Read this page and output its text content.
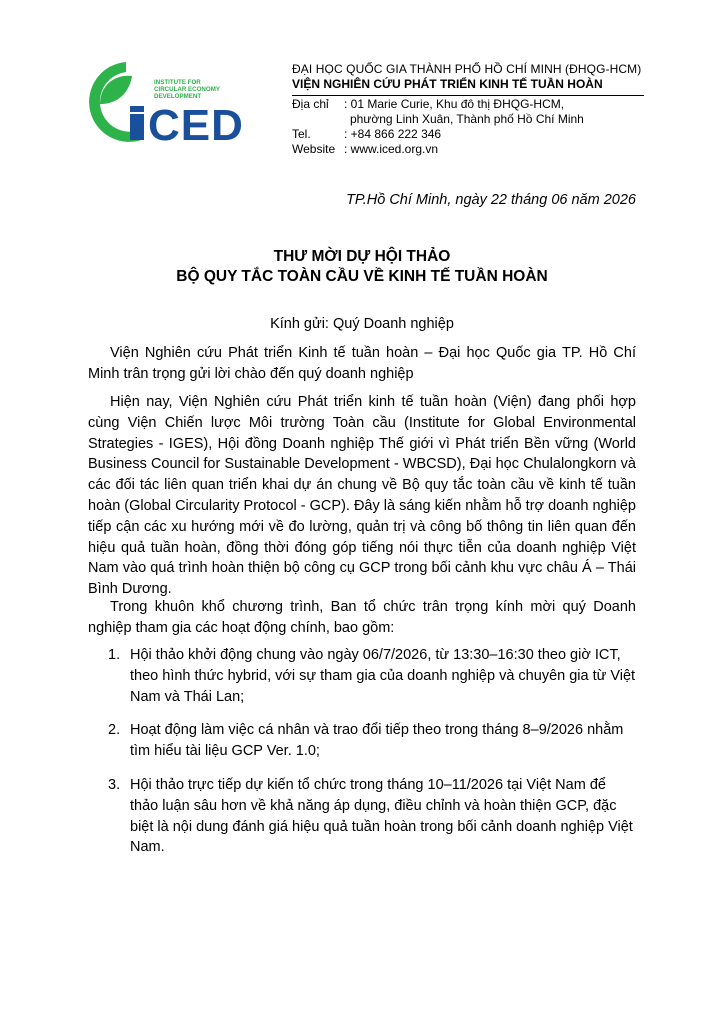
INSTITUTE FOR
CIRCULAR ECONOMY
DEVELOPMENT
CED
ĐẠI HỌC QUỐC GIA THÀNH PHỐ HỒ CHÍ MINH (ĐHQG-HCM)
VIỆN NGHIÊN CỨU PHÁT TRIỂN KINH TẾ TUẦN HOÀN
Địa chỉ	: 01 Marie Curie, Khu đô thị ĐHQG-HCM,
phường Linh Xuân, Thành phố Hồ Chí Minh
Tel.	: +84 866 222 346
Website : www.iced.org.vn
TP.Hồ Chí Minh, ngày 22 tháng 06 năm 2026
THƯ MỜI DỰ HỘI THẢO
BỘ QUY TẮC TOÀN CẦU VỀ KINH TẾ TUẦN HOÀN
Kính gửi: Quý Doanh nghiệp
Viện Nghiên cứu Phát triển Kinh tế tuần hoàn – Đại học Quốc gia TP. Hồ Chí Minh trân trọng gửi lời chào đến quý doanh nghiệp
Hiện nay, Viện Nghiên cứu Phát triển kinh tế tuần hoàn (Viện) đang phối hợp cùng Viện Chiến lược Môi trường Toàn cầu (Institute for Global Environmental Strategies - IGES), Hội đồng Doanh nghiệp Thế giới vì Phát triển Bền vững (World Business Council for Sustainable Development - WBCSD), Đại học Chulalongkorn và các đối tác liên quan triển khai dự án chung về Bộ quy tắc toàn cầu về kinh tế tuần hoàn (Global Circularity Protocol - GCP). Đây là sáng kiến nhằm hỗ trợ doanh nghiệp tiếp cận các xu hướng mới về đo lường, quản trị và công bố thông tin liên quan đến hiệu quả tuần hoàn, đồng thời đóng góp tiếng nói thực tiễn của doanh nghiệp Việt Nam vào quá trình hoàn thiện bộ công cụ GCP trong bối cảnh khu vực châu Á – Thái Bình Dương.
Trong khuôn khổ chương trình, Ban tổ chức trân trọng kính mời quý Doanh nghiệp tham gia các hoạt động chính, bao gồm:
1. Hội thảo khởi động chung vào ngày 06/7/2026, từ 13:30–16:30 theo giờ ICT, theo hình thức hybrid, với sự tham gia của doanh nghiệp và chuyên gia từ Việt Nam và Thái Lan;
2. Hoạt động làm việc cá nhân và trao đổi tiếp theo trong tháng 8–9/2026 nhằm tìm hiểu tài liệu GCP Ver. 1.0;
3. Hội thảo trực tiếp dự kiến tổ chức trong tháng 10–11/2026 tại Việt Nam để thảo luận sâu hơn về khả năng áp dụng, điều chỉnh và hoàn thiện GCP, đặc biệt là nội dung đánh giá hiệu quả tuần hoàn trong bối cảnh doanh nghiệp Việt Nam.
